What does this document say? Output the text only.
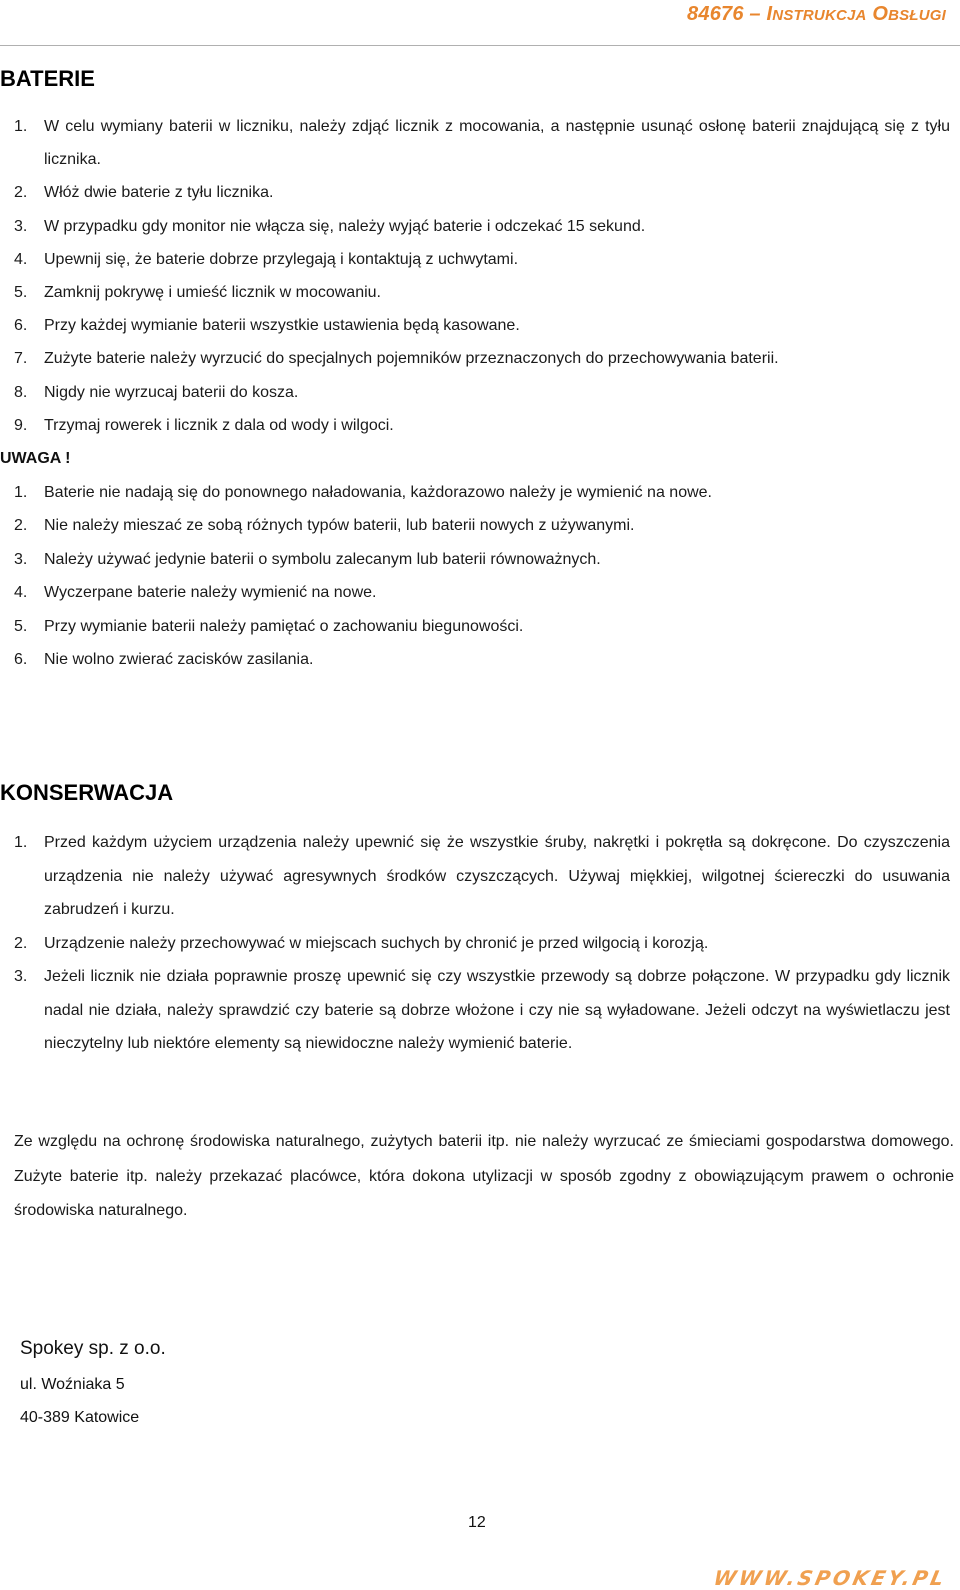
84676 – INSTRUKCJA OBSŁUGI
BATERIE
1.	W celu wymiany baterii w liczniku, należy zdjąć licznik z mocowania, a następnie usunąć osłonę baterii znajdującą się z tyłu licznika.
2.	Włóż dwie baterie z tyłu licznika.
3.	W przypadku gdy monitor nie włącza się, należy wyjąć baterie i odczekać 15 sekund.
4.	Upewnij się, że baterie dobrze przylegają i kontaktują z uchwytami.
5.	Zamknij pokrywę i umieść licznik w mocowaniu.
6.	Przy każdej wymianie baterii wszystkie ustawienia będą kasowane.
7.	Zużyte baterie należy wyrzucić do specjalnych pojemników przeznaczonych do przechowywania baterii.
8.	Nigdy nie wyrzucaj baterii do kosza.
9.	Trzymaj rowerek i licznik z dala od wody i wilgoci.
UWAGA !
1.	Baterie nie nadają się do ponownego naładowania, każdorazowo należy je wymienić na nowe.
2.	Nie należy mieszać ze sobą różnych typów baterii, lub baterii nowych z używanymi.
3.	Należy używać jedynie baterii o symbolu zalecanym lub baterii równoważnych.
4.	Wyczerpane baterie należy wymienić na nowe.
5.	Przy wymianie baterii należy pamiętać o zachowaniu biegunowości.
6.	Nie wolno zwierać zacisków zasilania.
KONSERWACJA
1.	Przed każdym użyciem urządzenia należy upewnić się że wszystkie śruby, nakrętki i pokrętła są dokręcone. Do czyszczenia urządzenia nie należy używać agresywnych środków czyszczących. Używaj miękkiej, wilgotnej ściereczki do usuwania zabrudzeń i kurzu.
2.	Urządzenie należy przechowywać w miejscach suchych by chronić je przed wilgocią i korozją.
3.	Jeżeli licznik nie działa poprawnie proszę upewnić się czy wszystkie przewody są dobrze połączone. W przypadku gdy licznik nadal nie działa, należy sprawdzić czy baterie są dobrze włożone i czy nie są wyładowane. Jeżeli odczyt na wyświetlaczu jest nieczytelny lub niektóre elementy są niewidoczne należy wymienić baterie.

Ze względu na ochronę środowiska naturalnego, zużytych baterii itp. nie należy wyrzucać ze śmieciami gospodarstwa domowego. Zużyte baterie itp. należy przekazać placówce, która dokona utylizacji w sposób zgodny z obowiązującym prawem o ochronie środowiska naturalnego.

Spokey sp. z o.o.
ul. Woźniaka 5
40-389 Katowice
12
WWW.SPOKEY.PL
